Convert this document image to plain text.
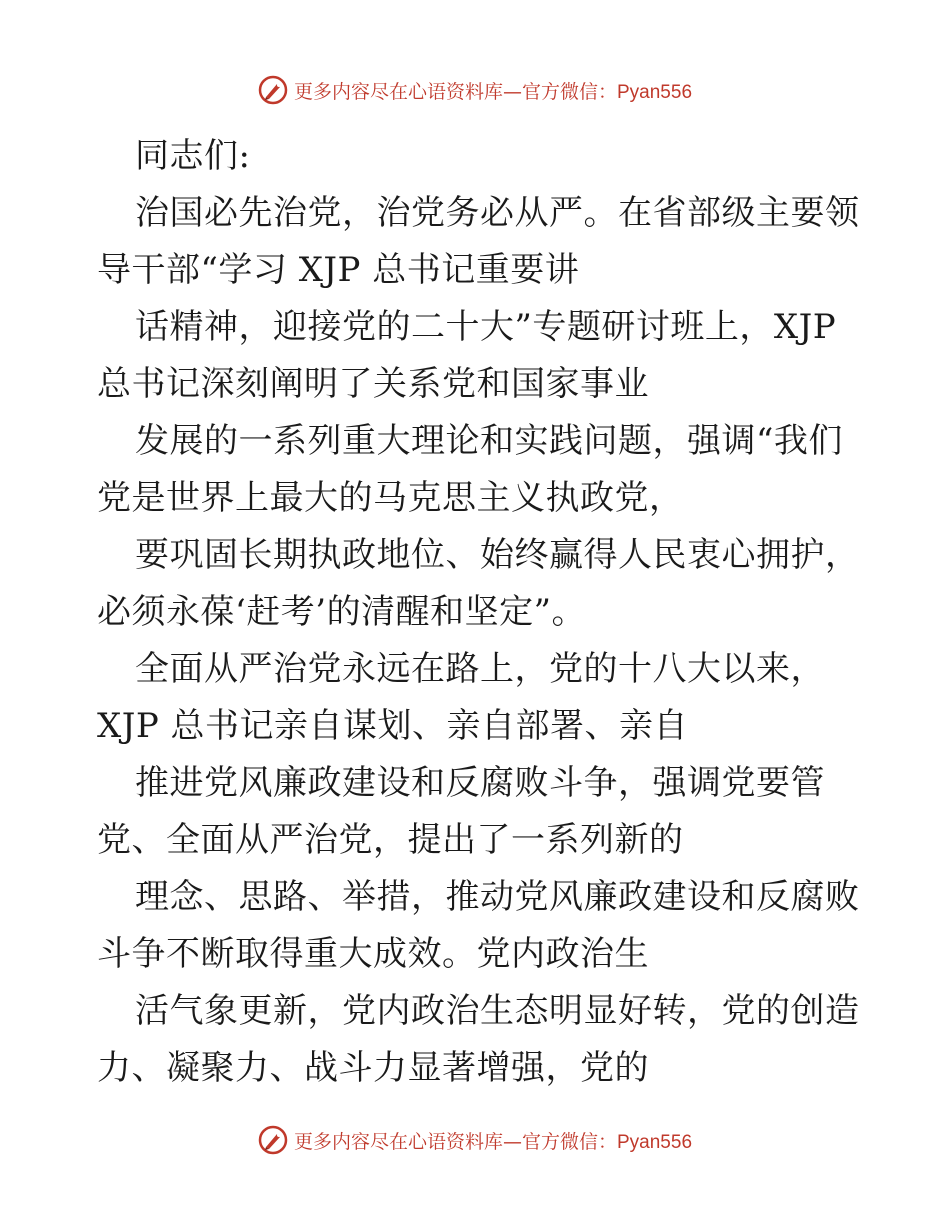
更多内容尽在心语资料库—官方微信：Pyan556
同志们:
治国必先治党，治党务必从严。在省部级主要领
导干部“学习 XJP 总书记重要讲
话精神，迎接党的二十大”专题研讨班上，XJP
总书记深刻阐明了关系党和国家事业
发展的一系列重大理论和实践问题，强调“我们
党是世界上最大的马克思主义执政党，
要巩固长期执政地位、始终赢得人民衷心拥护，
必须永葆‘赶考’的清醒和坚定”。
全面从严治党永远在路上，党的十八大以来，
XJP 总书记亲自谋划、亲自部署、亲自
推进党风廉政建设和反腐败斗争，强调党要管
党、全面从严治党，提出了一系列新的
理念、思路、举措，推动党风廉政建设和反腐败
斗争不断取得重大成效。党内政治生
活气象更新，党内政治生态明显好转，党的创造
力、凝聚力、战斗力显著增强，党的
更多内容尽在心语资料库—官方微信：Pyan556
